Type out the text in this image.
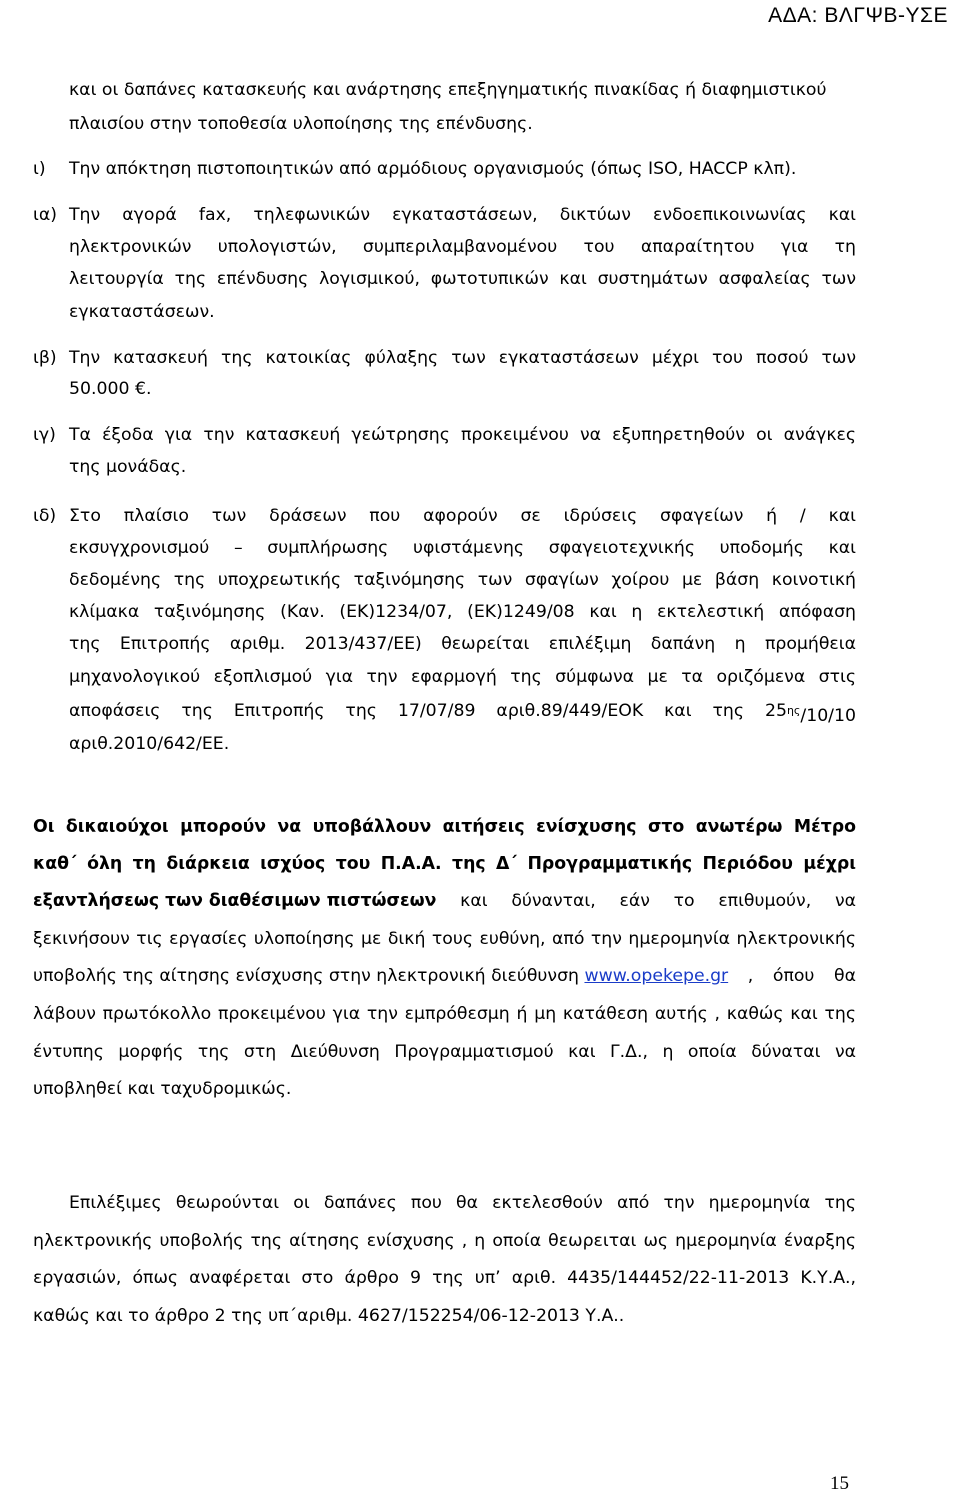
ΑΔΑ: ΒΛΓΨΒ-ΥΣΕ
και οι δαπάνες κατασκευής και ανάρτησης επεξηγηματικής πινακίδας ή διαφημιστικού
πλαισίου στην τοποθεσία υλοποίησης της επένδυσης.
ι) Την απόκτηση πιστοποιητικών από αρμόδιους οργανισμούς (όπως ISO, HACCP κλπ).
ια) Την αγορά fax, τηλεφωνικών εγκαταστάσεων, δικτύων ενδοεπικοινωνίας και
ηλεκτρονικών υπολογιστών, συμπεριλαμβανομένου του απαραίτητου για τη
λειτουργία της επένδυσης λογισμικού, φωτοτυπικών και συστημάτων ασφαλείας των
εγκαταστάσεων.
ιβ) Την κατασκευή της κατοικίας φύλαξης των εγκαταστάσεων μέχρι του ποσού των
50.000 €.
ιγ) Τα έξοδα για την κατασκευή γεώτρησης προκειμένου να εξυπηρετηθούν οι ανάγκες
της μονάδας.
ιδ) Στο πλαίσιο των δράσεων που αφορούν σε ιδρύσεις σφαγείων ή / και
εκσυγχρονισμού – συμπλήρωσης υφιστάμενης σφαγειοτεχνικής υποδομής και
δεδομένης της υποχρεωτικής ταξινόμησης των σφαγίων χοίρου με βάση κοινοτική
κλίμακα ταξινόμησης (Καν. (ΕΚ)1234/07, (ΕΚ)1249/08 και η εκτελεστική απόφαση
της Επιτροπής αριθμ. 2013/437/ΕΕ) θεωρείται επιλέξιμη δαπάνη η προμήθεια
μηχανολογικού εξοπλισμού για την εφαρμογή της σύμφωνα με τα οριζόμενα στις
αποφάσεις της Επιτροπής της 17/07/89 αριθ.89/449/ΕΟΚ και της 25 $^{\eta\varsigma}$/10/10
αριθ.2010/642/ΕΕ.
Οι δικαιούχοι μπορούν να υποβάλλουν αιτήσεις ενίσχυσης στο ανωτέρω Μέτρο
καθ΄ όλη τη διάρκεια ισχύος του Π.Α.Α. της Δ΄ Προγραμματικής Περιόδου μέχρι
εξαντλήσεως των διαθέσιμων πιστώσεων και δύνανται, εάν το επιθυμούν, να
ξεκινήσουν τις εργασίες υλοποίησης με δική τους ευθύνη, από την ημερομηνία ηλεκτρονικής
υποβολής της αίτησης ενίσχυσης στην ηλεκτρονική διεύθυνση www.opekepe.gr , όπου θα
λάβουν πρωτόκολλο προκειμένου για την εμπρόθεσμη ή μη κατάθεση αυτής , καθώς και της
έντυπης μορφής της στη Διεύθυνση Προγραμματισμού και Γ.Δ., η οποία δύναται να
υποβληθεί και ταχυδρομικώς.
Επιλέξιμες θεωρούνται οι δαπάνες που θα εκτελεσθούν από την ημερομηνία της
ηλεκτρονικής υποβολής της αίτησης ενίσχυσης , η οποία θεωρειται ως ημερομηνία έναρξης
εργασιών, όπως αναφέρεται στο άρθρο 9 της υπ’ αριθ. 4435/144452/22-11-2013 Κ.Υ.Α.,
καθώς και το άρθρο 2 της υπ΄αριθμ. 4627/152254/06-12-2013 Υ.Α..
15
